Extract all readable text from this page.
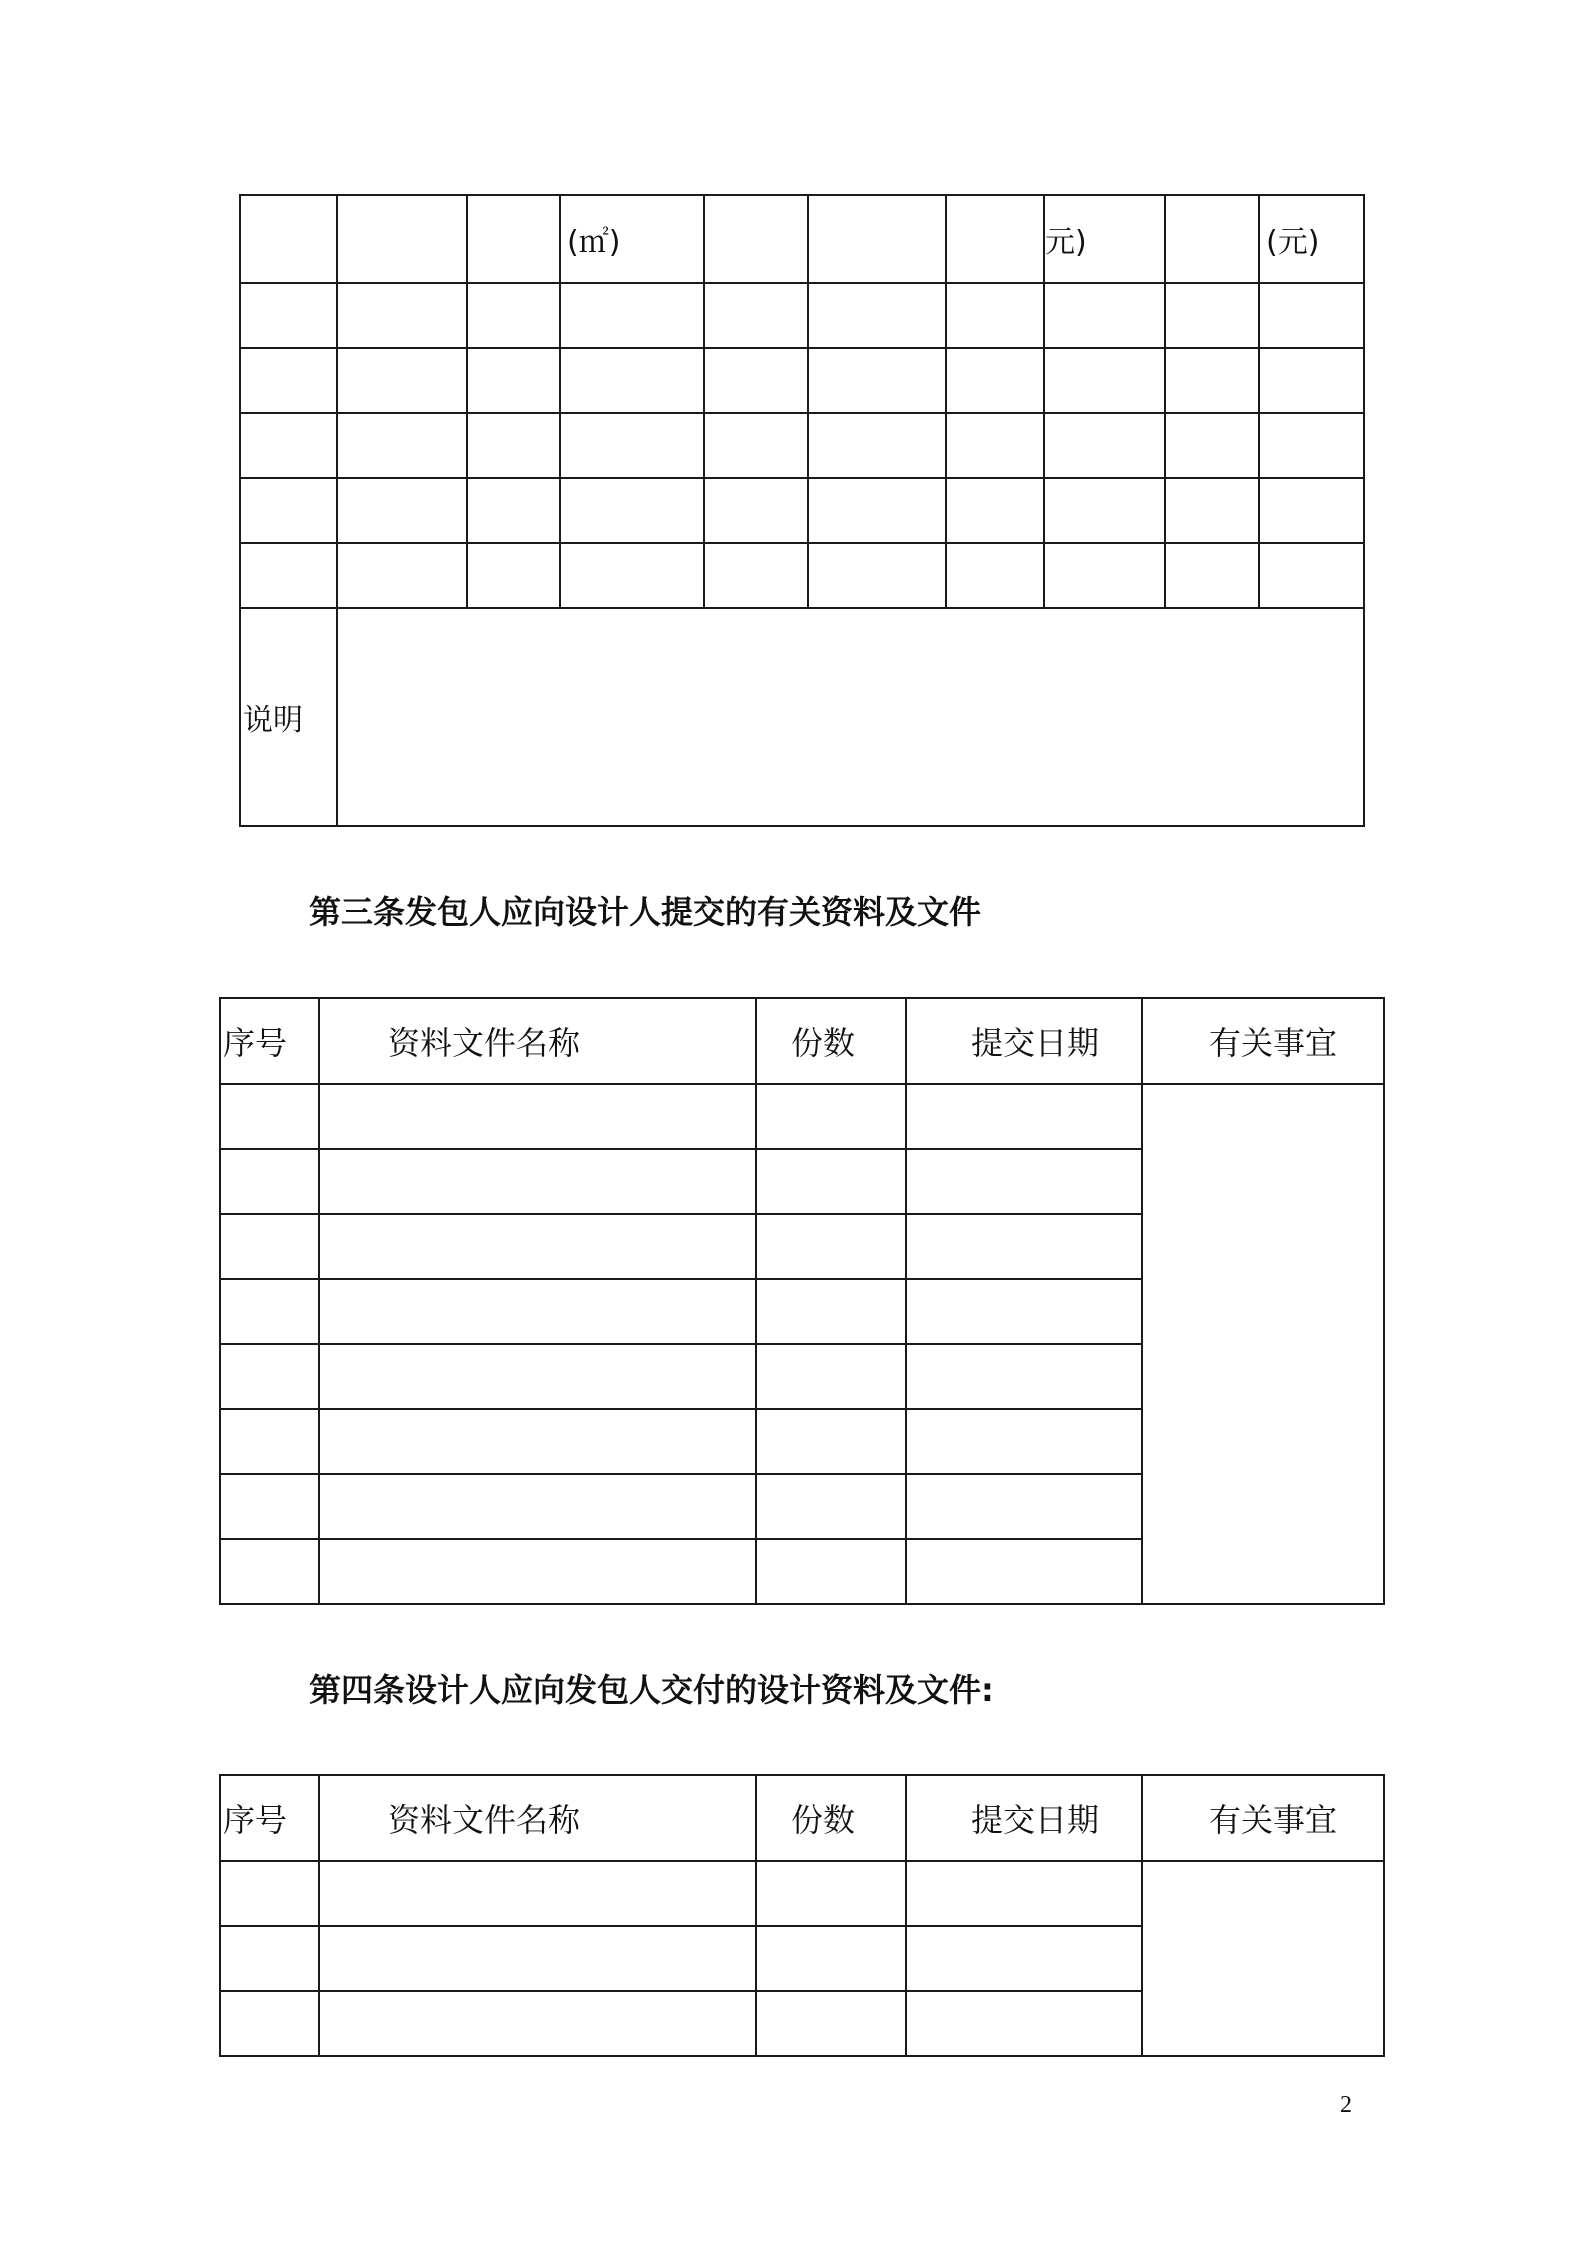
			(㎡)				元)		(元)

说明									
第三条发包人应向设计人提交的有关资料及文件
序号	资料文件名称	份数	提交日期	有关事宜

第四条设计人应向发包人交付的设计资料及文件:
序号	资料文件名称	份数	提交日期	有关事宜

2
